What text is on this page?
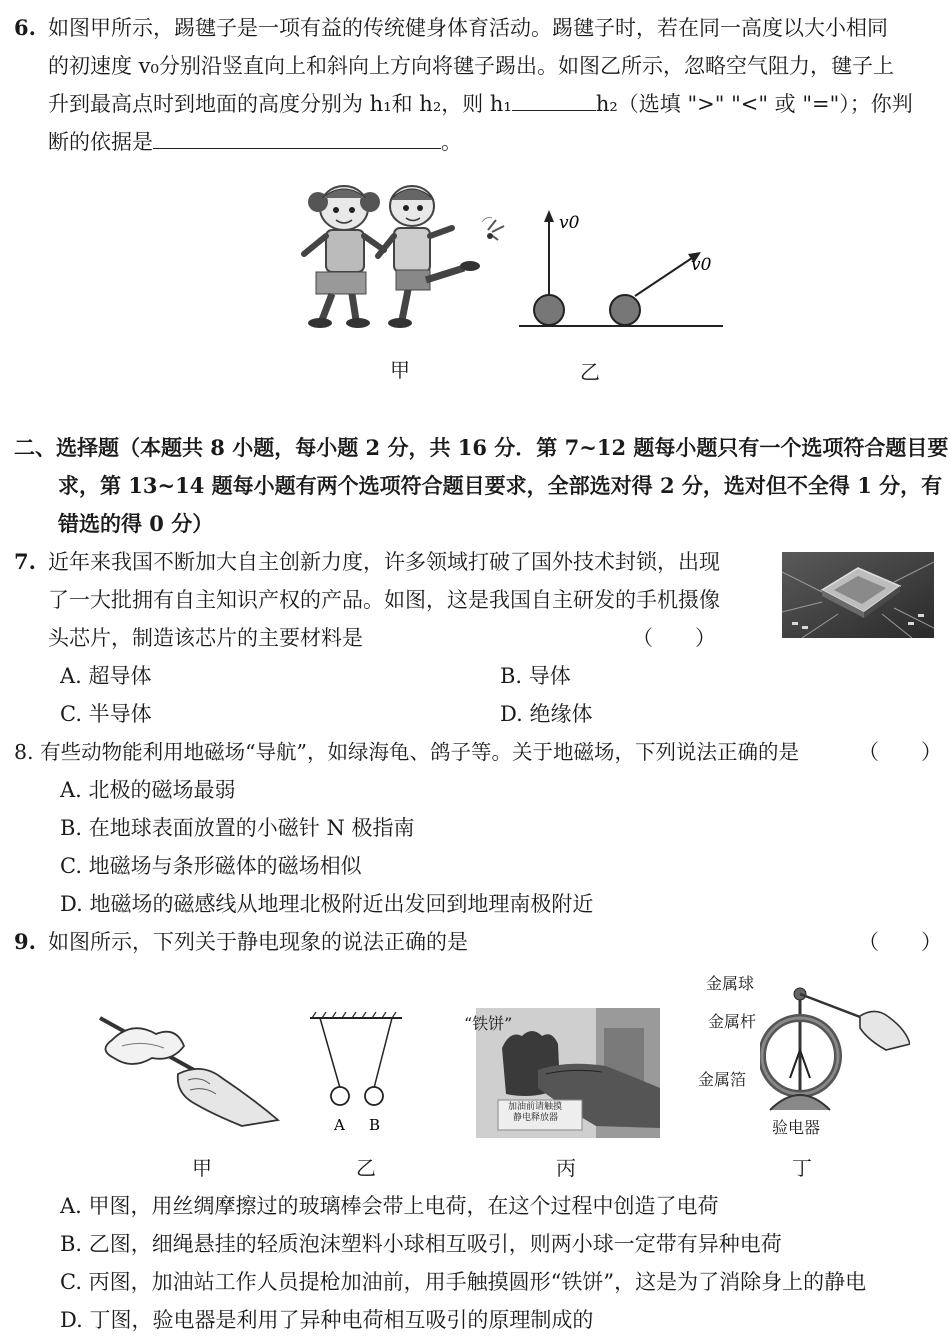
6. 如图甲所示，踢毽子是一项有益的传统健身体育活动。踢毽子时，若在同一高度以大小相同
的初速度 v₀分别沿竖直向上和斜向上方向将毽子踢出。如图乙所示，忽略空气阻力，毽子上
升到最高点时到地面的高度分别为 h₁和 h₂，则 h₁	h₂（选填 ">" "<" 或 "="）；你判
断的依据是	。
v0
v0
甲	乙
二、选择题（本题共 8 小题，每小题 2 分，共 16 分．第 7~12 题每小题只有一个选项符合题目要
求，第 13~14 题每小题有两个选项符合题目要求，全部选对得 2 分，选对但不全得 1 分，有
错选的得 0 分）
7. 近年来我国不断加大自主创新力度，许多领域打破了国外技术封锁，出现
了一大批拥有自主知识产权的产品。如图，这是我国自主研发的手机摄像
头芯片，制造该芯片的主要材料是	（　　）
A. 超导体	B. 导体
C. 半导体	D. 绝缘体
8. 有些动物能利用地磁场“导航”，如绿海龟、鸽子等。关于地磁场，下列说法正确的是	（　　）
A. 北极的磁场最弱
B. 在地球表面放置的小磁针 N 极指南
C. 地磁场与条形磁体的磁场相似
D. 地磁场的磁感线从地理北极附近出发回到地理南极附近
9. 如图所示，下列关于静电现象的说法正确的是	（　　）
A B
“铁饼”
加油前请触摸
静电释放器
金属球
金属杆
金属箔
验电器
甲	乙	丙	丁
A. 甲图，用丝绸摩擦过的玻璃棒会带上电荷，在这个过程中创造了电荷
B. 乙图，细绳悬挂的轻质泡沫塑料小球相互吸引，则两小球一定带有异种电荷
C. 丙图，加油站工作人员提枪加油前，用手触摸圆形“铁饼”，这是为了消除身上的静电
D. 丁图，验电器是利用了异种电荷相互吸引的原理制成的
